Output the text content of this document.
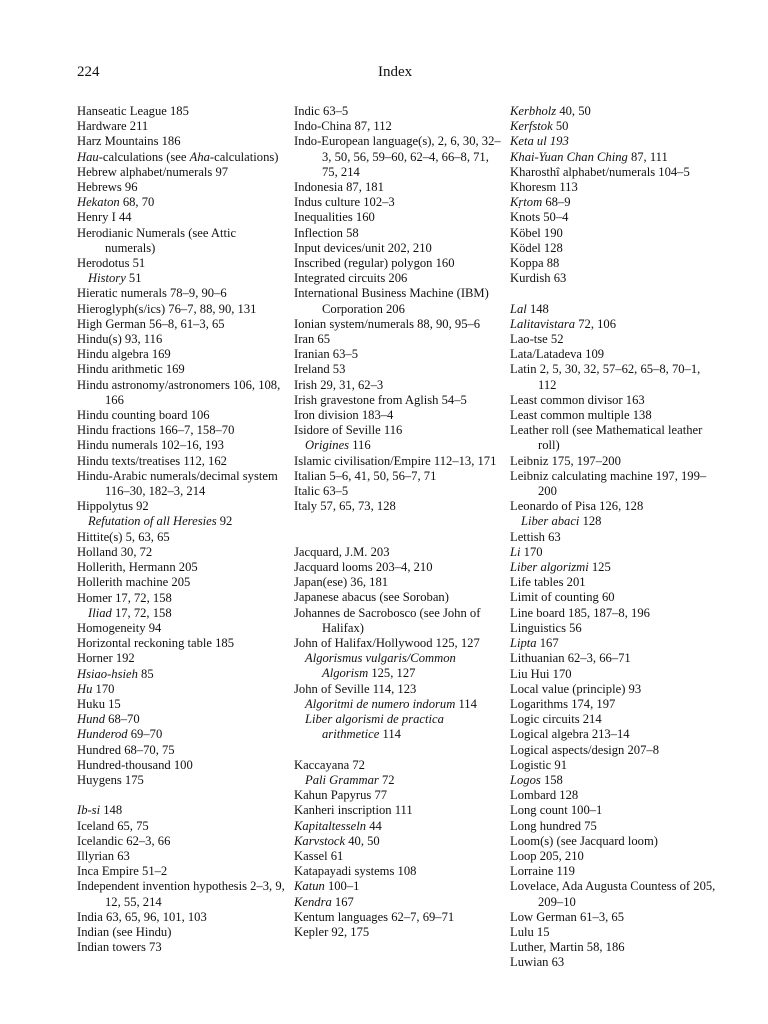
224	Index
Hanseatic League 185
Hardware 211
Harz Mountains 186
Hau-calculations (see Aha-calculations)
Hebrew alphabet/numerals 97
Hebrews 96
Hekaton 68, 70
Henry I 44
Herodianic Numerals (see Attic numerals)
Herodotus 51
History 51
Hieratic numerals 78–9, 90–6
Hieroglyph(s/ics) 76–7, 88, 90, 131
High German 56–8, 61–3, 65
Hindu(s) 93, 116
Hindu algebra 169
Hindu arithmetic 169
Hindu astronomy/astronomers 106, 108, 166
Hindu counting board 106
Hindu fractions 166–7, 158–70
Hindu numerals 102–16, 193
Hindu texts/treatises 112, 162
Hindu-Arabic numerals/decimal system 116–30, 182–3, 214
Hippolytus 92
Refutation of all Heresies 92
Hittite(s) 5, 63, 65
Holland 30, 72
Hollerith, Hermann 205
Hollerith machine 205
Homer 17, 72, 158
Iliad 17, 72, 158
Homogeneity 94
Horizontal reckoning table 185
Horner 192
Hsiao-hsieh 85
Hu 170
Huku 15
Hund 68–70
Hunderod 69–70
Hundred 68–70, 75
Hundred-thousand 100
Huygens 175
Ib-si 148
Iceland 65, 75
Icelandic 62–3, 66
Illyrian 63
Inca Empire 51–2
Independent invention hypothesis 2–3, 9, 12, 55, 214
India 63, 65, 96, 101, 103
Indian (see Hindu)
Indian towers 73
Indic 63–5
Indo-China 87, 112
Indo-European language(s), 2, 6, 30, 32–3, 50, 56, 59–60, 62–4, 66–8, 71, 75, 214
Indonesia 87, 181
Indus culture 102–3
Inequalities 160
Inflection 58
Input devices/unit 202, 210
Inscribed (regular) polygon 160
Integrated circuits 206
International Business Machine (IBM) Corporation 206
Ionian system/numerals 88, 90, 95–6
Iran 65
Iranian 63–5
Ireland 53
Irish 29, 31, 62–3
Irish gravestone from Aglish 54–5
Iron division 183–4
Isidore of Seville 116
Origines 116
Islamic civilisation/Empire 112–13, 171
Italian 5–6, 41, 50, 56–7, 71
Italic 63–5
Italy 57, 65, 73, 128
Jacquard, J.M. 203
Jacquard looms 203–4, 210
Japan(ese) 36, 181
Japanese abacus (see Soroban)
Johannes de Sacrobosco (see John of Halifax)
John of Halifax/Hollywood 125, 127
Algorismus vulgaris/Common Algorism 125, 127
John of Seville 114, 123
Algoritmi de numero indorum 114
Liber algorismi de practica arithmetice 114
Kaccayana 72
Pali Grammar 72
Kahun Papyrus 77
Kanheri inscription 111
Kapitaltesseln 44
Karvstock 40, 50
Kassel 61
Katapayadi systems 108
Katun 100–1
Kendra 167
Kentum languages 62–7, 69–71
Kepler 92, 175
Kerbholz 40, 50
Kerfstok 50
Keta ul 193
Khai-Yuan Chan Ching 87, 111
Kharosthî alphabet/numerals 104–5
Khoresm 113
Kṛtom 68–9
Knots 50–4
Köbel 190
Ködel 128
Koppa 88
Kurdish 63
Lal 148
Lalitavistara 72, 106
Lao-tse 52
Lata/Latadeva 109
Latin 2, 5, 30, 32, 57–62, 65–8, 70–1, 112
Least common divisor 163
Least common multiple 138
Leather roll (see Mathematical leather roll)
Leibniz 175, 197–200
Leibniz calculating machine 197, 199–200
Leonardo of Pisa 126, 128
Liber abaci 128
Lettish 63
Li 170
Liber algorizmi 125
Life tables 201
Limit of counting 60
Line board 185, 187–8, 196
Linguistics 56
Lipta 167
Lithuanian 62–3, 66–71
Liu Hui 170
Local value (principle) 93
Logarithms 174, 197
Logic circuits 214
Logical algebra 213–14
Logical aspects/design 207–8
Logistic 91
Logos 158
Lombard 128
Long count 100–1
Long hundred 75
Loom(s) (see Jacquard loom)
Loop 205, 210
Lorraine 119
Lovelace, Ada Augusta Countess of 205, 209–10
Low German 61–3, 65
Lulu 15
Luther, Martin 58, 186
Luwian 63
